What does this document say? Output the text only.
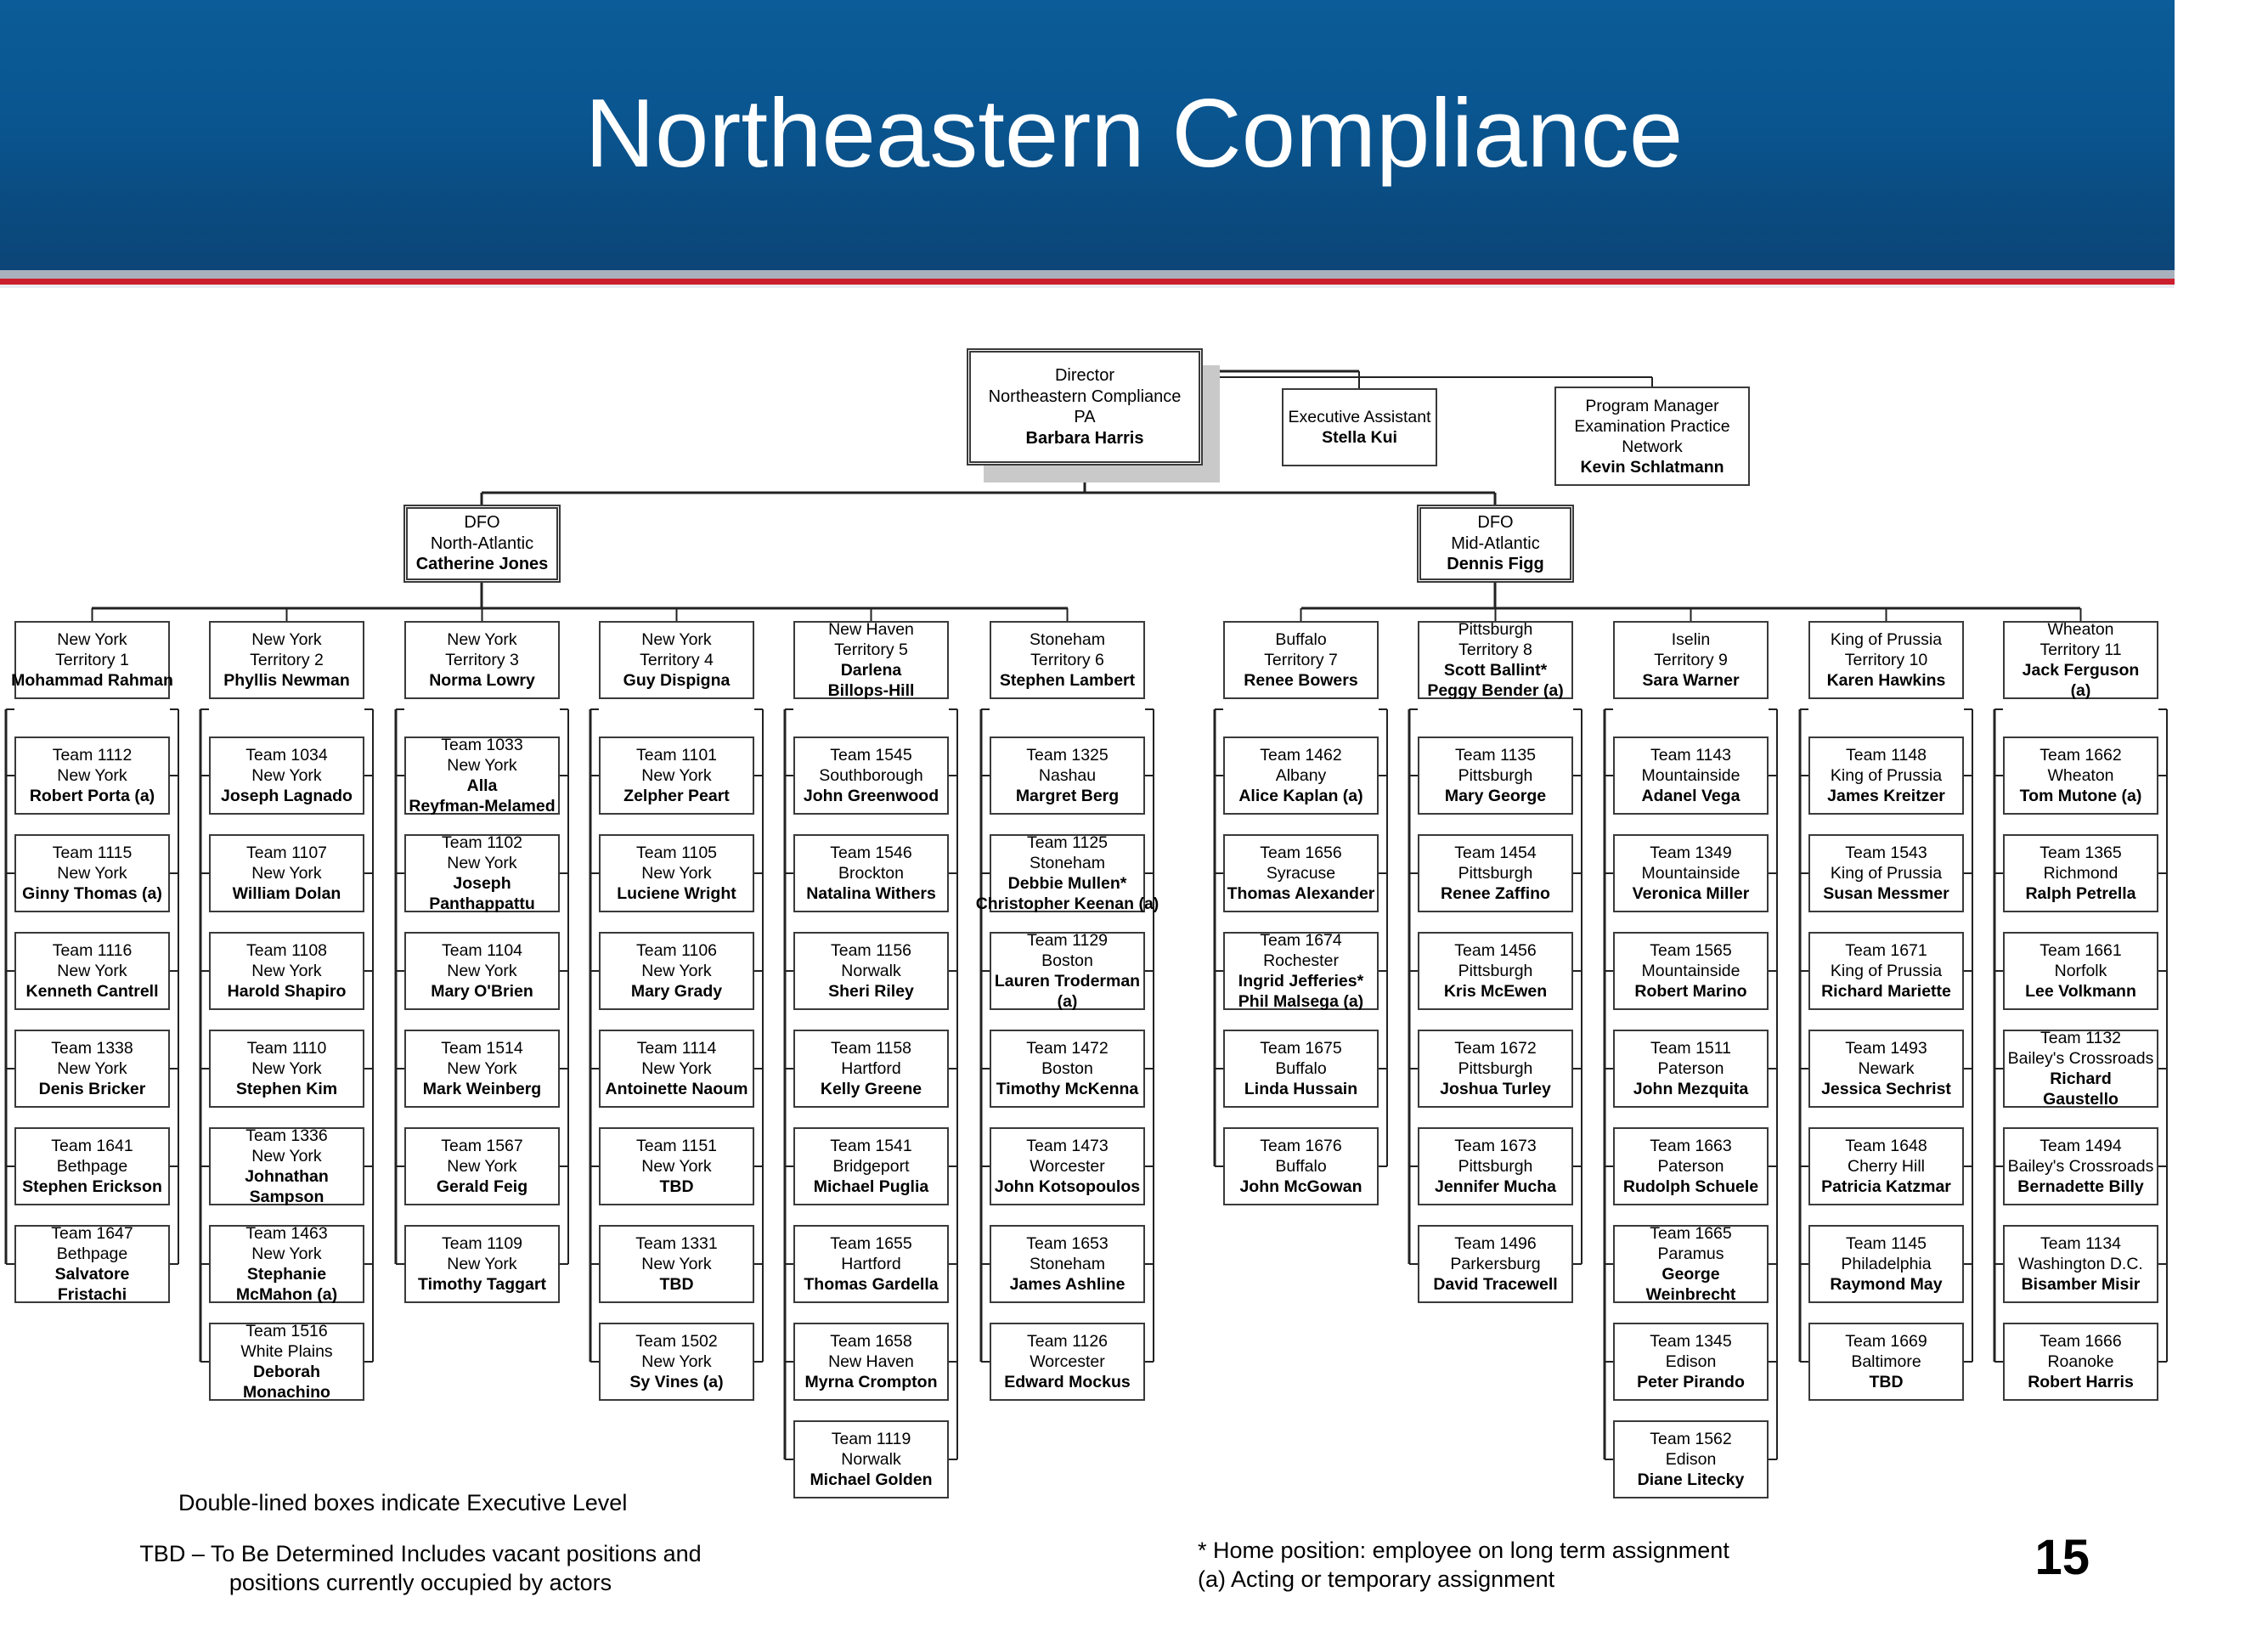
Northeastern Compliance
Director
Northeastern Compliance
PA
Barbara Harris
Executive Assistant
Stella Kui
Program Manager
Examination Practice
Network
Kevin Schlatmann
DFO
North-Atlantic
Catherine Jones
DFO
Mid-Atlantic
Dennis Figg
New York
Territory 1
Mohammad Rahman
Team 1112
New York
Robert Porta (a)
Team 1115
New York
Ginny Thomas (a)
Team 1116
New York
Kenneth Cantrell
Team 1338
New York
Denis Bricker
Team 1641
Bethpage
Stephen Erickson
Team 1647
Bethpage
Salvatore
Fristachi
New York
Territory 2
Phyllis Newman
Team 1034
New York
Joseph Lagnado
Team 1107
New York
William Dolan
Team 1108
New York
Harold Shapiro
Team 1110
New York
Stephen Kim
Team 1336
New York
Johnathan
Sampson
Team 1463
New York
Stephanie
McMahon (a)
Team 1516
White Plains
Deborah
Monachino
New York
Territory 3
Norma Lowry
Team 1033
New York
Alla
Reyfman-Melamed
Team 1102
New York
Joseph
Panthappattu
Team 1104
New York
Mary O'Brien
Team 1514
New York
Mark Weinberg
Team 1567
New York
Gerald Feig
Team 1109
New York
Timothy Taggart
New York
Territory 4
Guy Dispigna
Team 1101
New York
Zelpher Peart
Team 1105
New York
Luciene Wright
Team 1106
New York
Mary Grady
Team 1114
New York
Antoinette Naoum
Team 1151
New York
TBD
Team 1331
New York
TBD
Team 1502
New York
Sy Vines (a)
New Haven
Territory 5
Darlena
Billops-Hill
Team 1545
Southborough
John Greenwood
Team 1546
Brockton
Natalina Withers
Team 1156
Norwalk
Sheri Riley
Team 1158
Hartford
Kelly Greene
Team 1541
Bridgeport
Michael Puglia
Team 1655
Hartford
Thomas Gardella
Team 1658
New Haven
Myrna Crompton
Team 1119
Norwalk
Michael Golden
Stoneham
Territory 6
Stephen Lambert
Team 1325
Nashau
Margret Berg
Team 1125
Stoneham
Debbie Mullen*
Christopher Keenan (a)
Team 1129
Boston
Lauren Troderman
(a)
Team 1472
Boston
Timothy McKenna
Team 1473
Worcester
John Kotsopoulos
Team 1653
Stoneham
James Ashline
Team 1126
Worcester
Edward Mockus
Buffalo
Territory 7
Renee Bowers
Team 1462
Albany
Alice Kaplan (a)
Team 1656
Syracuse
Thomas Alexander
Team 1674
Rochester
Ingrid Jefferies*
Phil Malsega (a)
Team 1675
Buffalo
Linda Hussain
Team 1676
Buffalo
John McGowan
Pittsburgh
Territory 8
Scott Ballint*
Peggy Bender (a)
Team 1135
Pittsburgh
Mary George
Team 1454
Pittsburgh
Renee Zaffino
Team 1456
Pittsburgh
Kris McEwen
Team 1672
Pittsburgh
Joshua Turley
Team 1673
Pittsburgh
Jennifer Mucha
Team 1496
Parkersburg
David Tracewell
Iselin
Territory 9
Sara Warner
Team 1143
Mountainside
Adanel Vega
Team 1349
Mountainside
Veronica Miller
Team 1565
Mountainside
Robert Marino
Team 1511
Paterson
John Mezquita
Team 1663
Paterson
Rudolph Schuele
Team 1665
Paramus
George
Weinbrecht
Team 1345
Edison
Peter Pirando
Team 1562
Edison
Diane Litecky
King of Prussia
Territory 10
Karen Hawkins
Team 1148
King of Prussia
James Kreitzer
Team 1543
King of Prussia
Susan Messmer
Team 1671
King of Prussia
Richard Mariette
Team 1493
Newark
Jessica Sechrist
Team 1648
Cherry Hill
Patricia Katzmar
Team 1145
Philadelphia
Raymond May
Team 1669
Baltimore
TBD
Wheaton
Territory 11
Jack Ferguson
(a)
Team 1662
Wheaton
Tom Mutone (a)
Team 1365
Richmond
Ralph Petrella
Team 1661
Norfolk
Lee Volkmann
Team 1132
Bailey's Crossroads
Richard
Gaustello
Team 1494
Bailey's Crossroads
Bernadette Billy
Team 1134
Washington D.C.
Bisamber Misir
Team 1666
Roanoke
Robert Harris
Double-lined boxes indicate Executive Level
TBD – To Be Determined Includes vacant positions and
positions currently occupied by actors
* Home position: employee on long term assignment
(a) Acting or temporary assignment	15
